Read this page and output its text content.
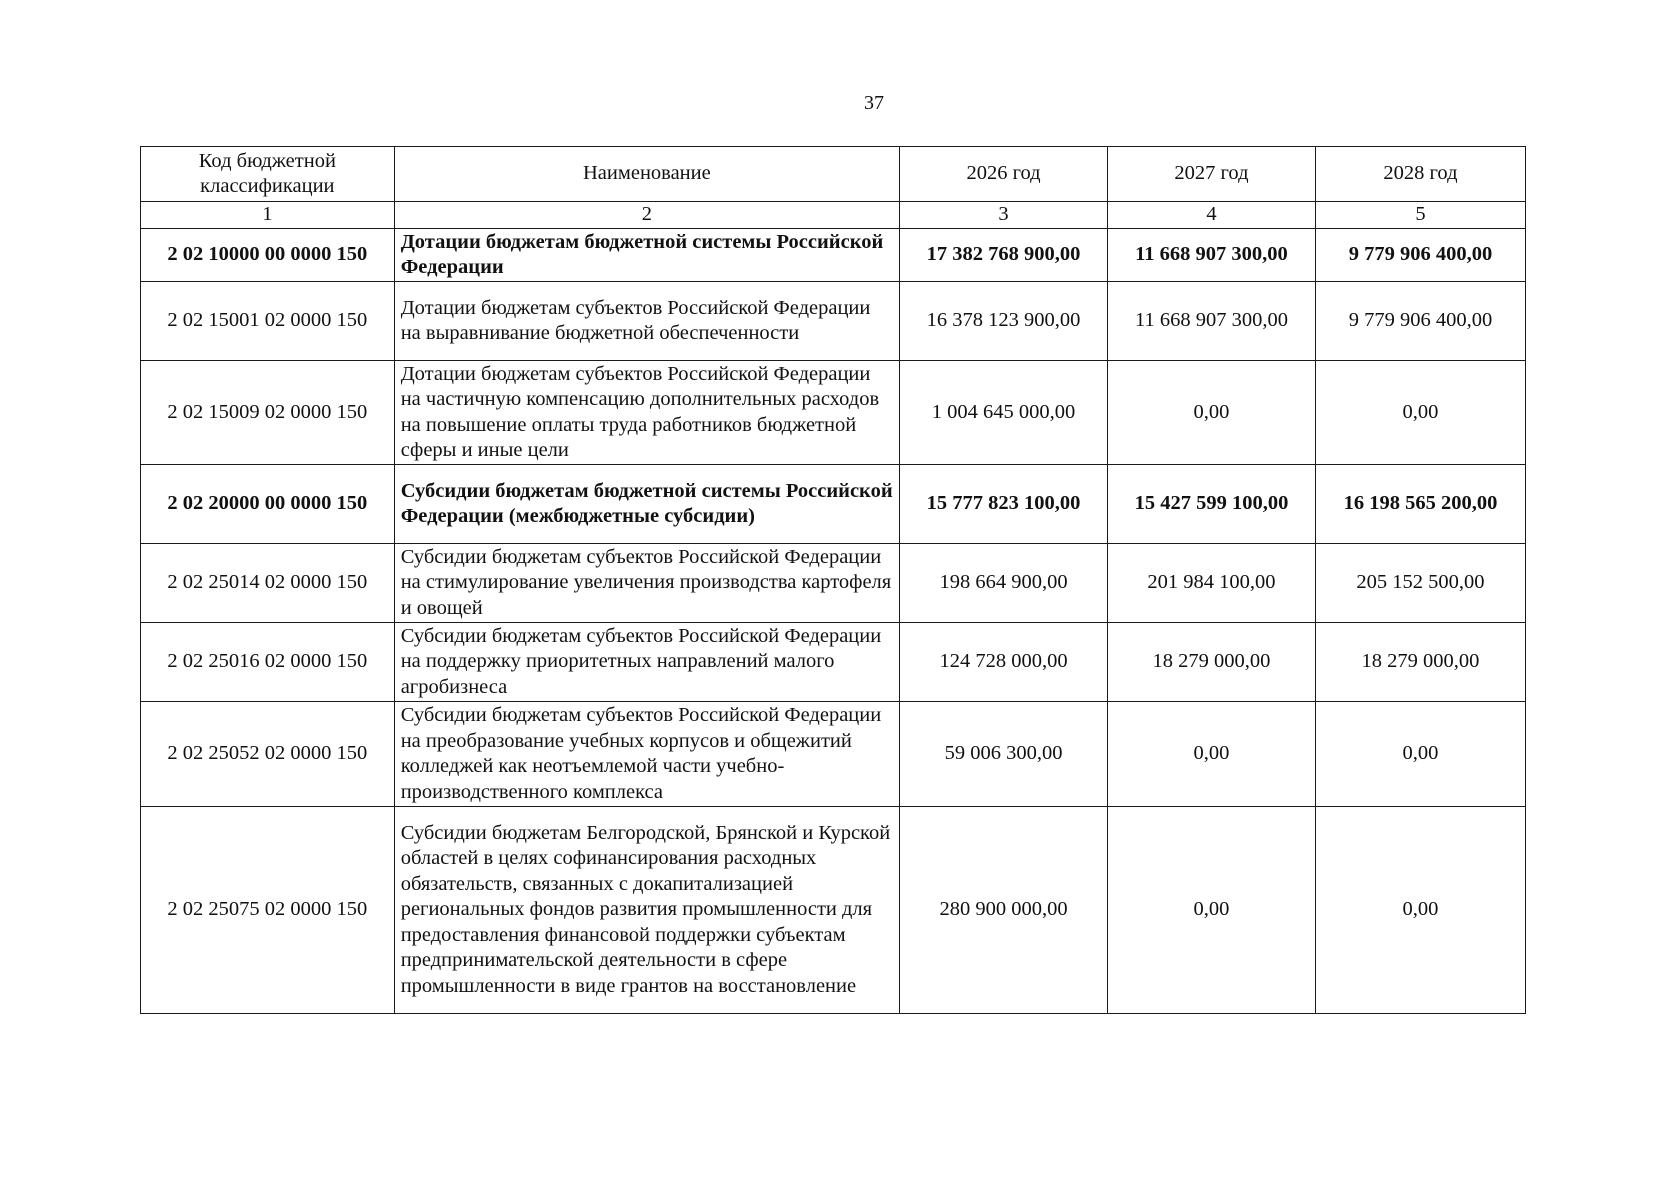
37
Код бюджетной классификации	Наименование	2026 год	2027 год	2028 год
1	2	3	4	5
2 02 10000 00 0000 150	Дотации бюджетам бюджетной системы Российской Федерации	17 382 768 900,00	11 668 907 300,00	9 779 906 400,00
2 02 15001 02 0000 150	Дотации бюджетам субъектов Российской Федерации на выравнивание бюджетной обеспеченности	16 378 123 900,00	11 668 907 300,00	9 779 906 400,00
2 02 15009 02 0000 150	Дотации бюджетам субъектов Российской Федерации на частичную компенсацию дополнительных расходов на повышение оплаты труда работников бюджетной сферы и иные цели	1 004 645 000,00	0,00	0,00
2 02 20000 00 0000 150	Субсидии бюджетам бюджетной системы Российской Федерации (межбюджетные субсидии)	15 777 823 100,00	15 427 599 100,00	16 198 565 200,00
2 02 25014 02 0000 150	Субсидии бюджетам субъектов Российской Федерации на стимулирование увеличения производства картофеля и овощей	198 664 900,00	201 984 100,00	205 152 500,00
2 02 25016 02 0000 150	Субсидии бюджетам субъектов Российской Федерации на поддержку приоритетных направлений малого агробизнеса	124 728 000,00	18 279 000,00	18 279 000,00
2 02 25052 02 0000 150	Субсидии бюджетам субъектов Российской Федерации на преобразование учебных корпусов и общежитий колледжей как неотъемлемой части учебно-производственного комплекса	59 006 300,00	0,00	0,00
2 02 25075 02 0000 150	Субсидии бюджетам Белгородской, Брянской и Курской областей в целях софинансирования расходных обязательств, связанных с докапитализацией региональных фондов развития промышленности для предоставления финансовой поддержки субъектам предпринимательской деятельности в сфере промышленности в виде грантов на восстановление	280 900 000,00	0,00	0,00
